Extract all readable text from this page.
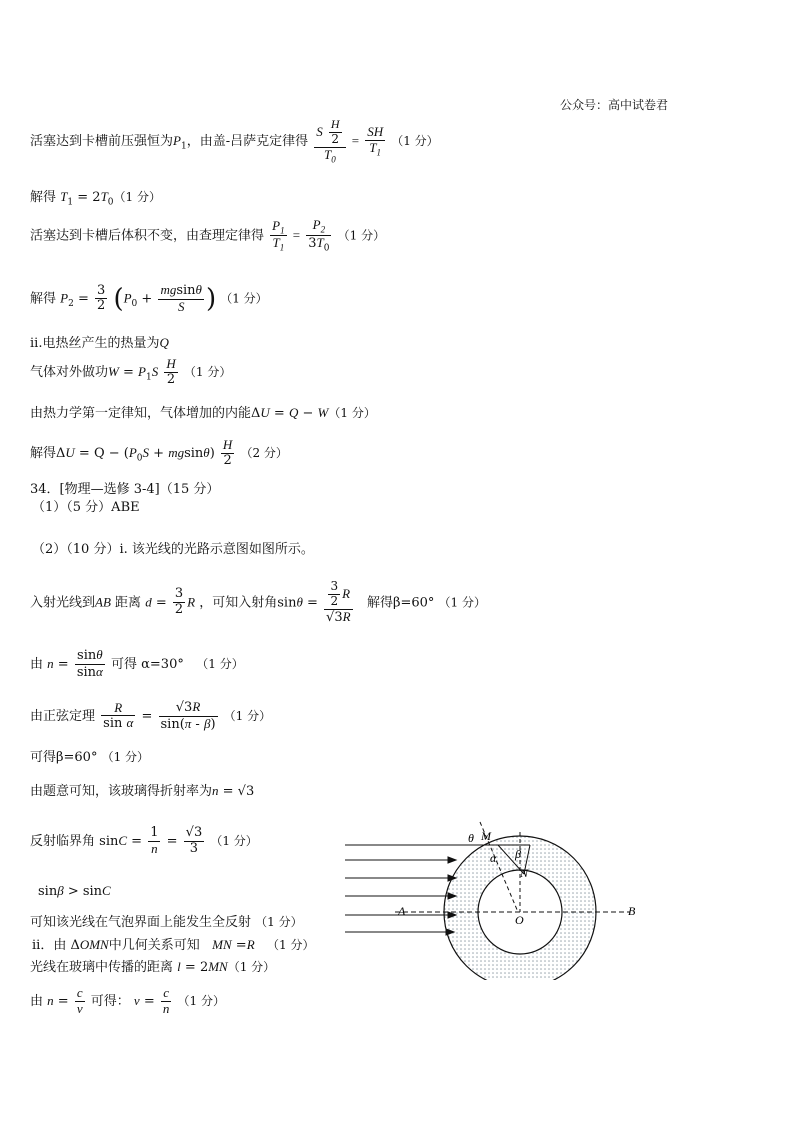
公众号：高中试卷君
活塞达到卡槽前压强恒为$P_1$，由盖-吕萨克定律得 $\frac{S \frac{H}{2}}{T_0} = \frac{SH}{T_1} (1$ 分）
解得 $T_1 = 2T_0(1$ 分）
活塞达到卡槽后体积不变，由查理定律得 $\frac{P_1}{T_1} = \frac{P_2}{3T_0} (1$ 分）
解得 $P_2 = \frac{3}{2} (P_0 + \frac{mgsin\theta}{S}$ ) （1 分）
ii.电热丝产生的热量为Q
气体对外做功$W = P_1S \frac{H}{2} (1$ 分）
由热力学第一定律知，气体增加的内能ΔU = Q − W（1 分）
解得$\Delta U = Q - (P_0S + mgsin\theta) \frac{H}{2} (2$ 分）
34．[物理—选修 3-4]（15 分）
（1）（5 分）ABE
（2）（10 分）i. 该光线的光路示意图如图所示。
入射光线到AB 距离 $d = \frac{3}{2}$ R ，可知入射角$\sin\theta = \frac{\frac{3}{2} R}{√3R}$ 解得β=60° （1 分）
由 $n = \frac{\sin\theta}{\sin\alpha}$ 可得 α=30° （1 分）
由正弦定理 $\frac{R}{\text{sin α}} = \frac{√3R}{\sin(\pi - \beta)} (1$ 分）
可得β=60° （1 分）
由题意可知，该玻璃得折射率为n = √3
反射临界角 $\sin C = \frac{1}{n} = \frac{√3}{3} (1$ 分）
sinβ > sinC
可知该光线在气泡界面上能发生全反射 （1 分）
ii．由 ΔOMN中几何关系可知 MN =R （1 分）
光线在玻璃中传播的距离 l = 2MN（1 分）
由 $n = \frac{c}{v}$ 可得： $v = \frac{c}{n} (1$ 分）
θ M
α β
N
O
A	B
